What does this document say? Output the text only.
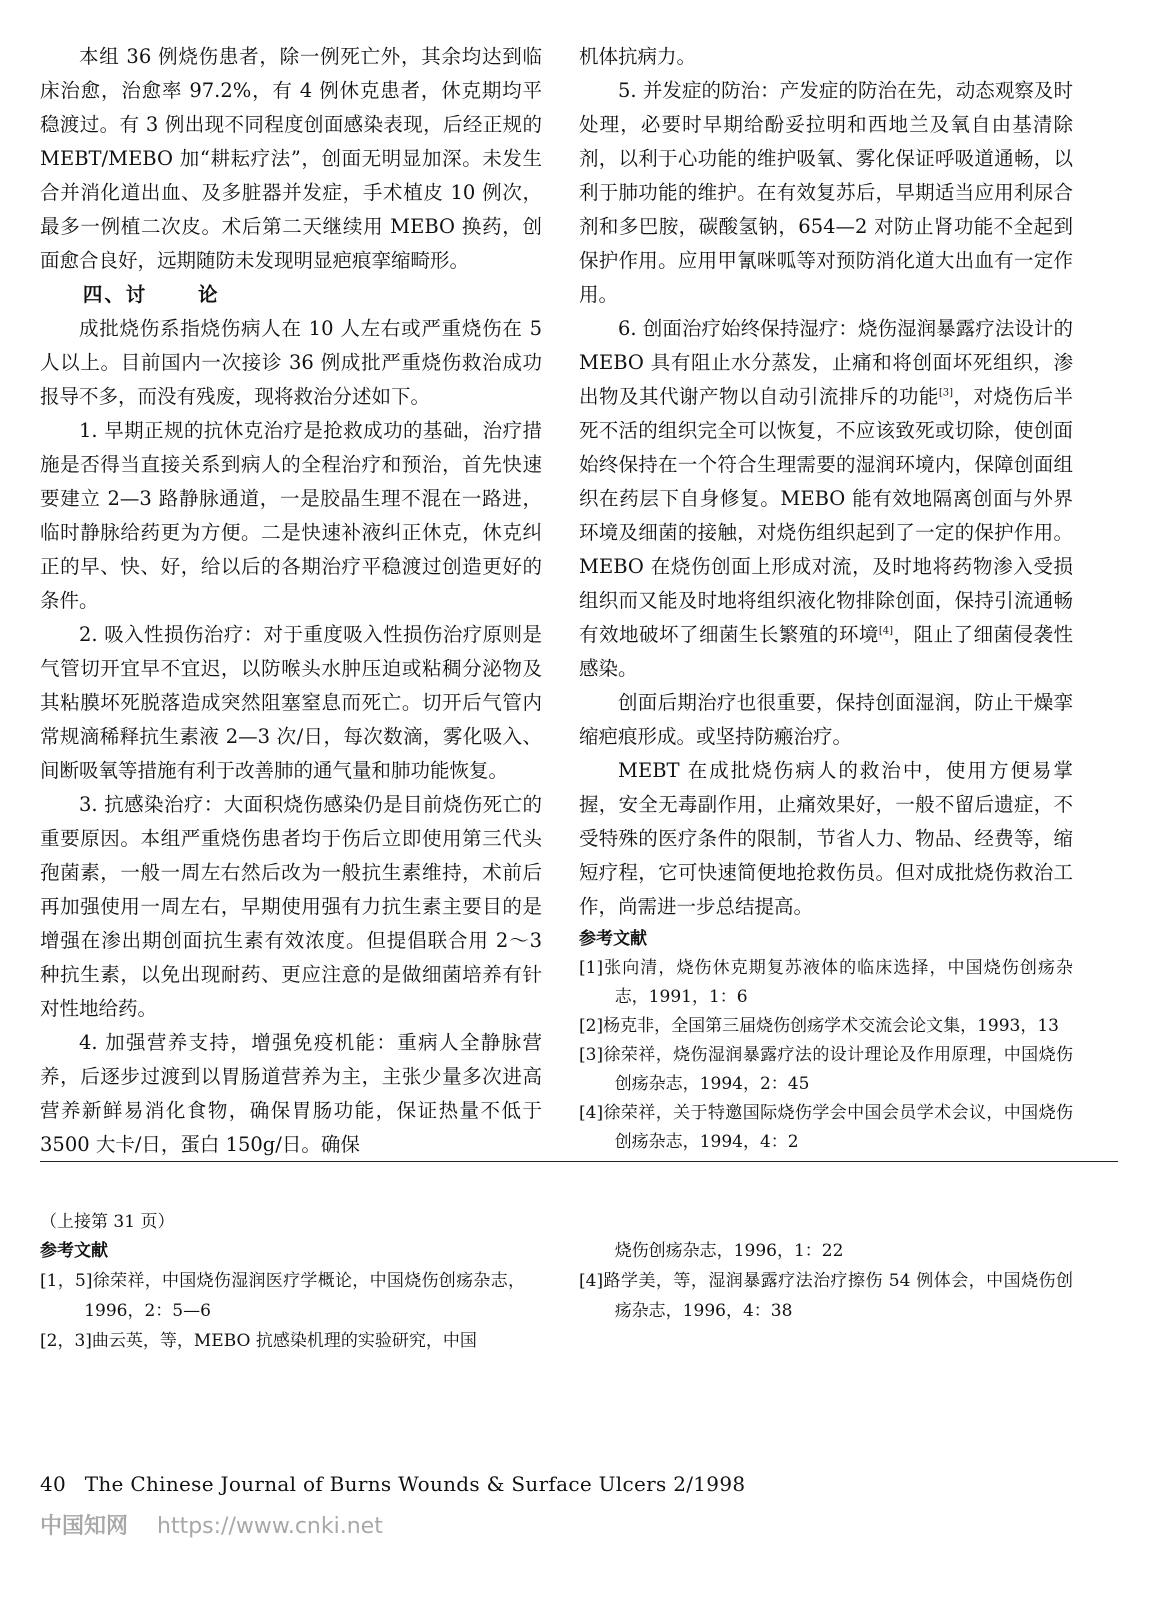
本组 36 例烧伤患者，除一例死亡外，其余均达到临床治愈，治愈率 97.2%，有 4 例休克患者，休克期均平稳渡过。有 3 例出现不同程度创面感染表现，后经正规的 MEBT/MEBO 加“耕耘疗法”，创面无明显加深。未发生合并消化道出血、及多脏器并发症，手术植皮 10 例次，最多一例植二次皮。术后第二天继续用 MEBO 换药，创面愈合良好，远期随防未发现明显疤痕挛缩畸形。

四、讨	论

成批烧伤系指烧伤病人在 10 人左右或严重烧伤在 5 人以上。目前国内一次接诊 36 例成批严重烧伤救治成功报导不多，而没有残废，现将救治分述如下。

1. 早期正规的抗休克治疗是抢救成功的基础，治疗措施是否得当直接关系到病人的全程治疗和预治，首先快速要建立 2—3 路静脉通道，一是胶晶生理不混在一路进，临时静脉给药更为方便。二是快速补液纠正休克，休克纠正的早、快、好，给以后的各期治疗平稳渡过创造更好的条件。

2. 吸入性损伤治疗：对于重度吸入性损伤治疗原则是气管切开宜早不宜迟，以防喉头水肿压迫或粘稠分泌物及其粘膜坏死脱落造成突然阻塞窒息而死亡。切开后气管内常规滴稀释抗生素液 2—3 次/日，每次数滴，雾化吸入、间断吸氧等措施有利于改善肺的通气量和肺功能恢复。

3. 抗感染治疗：大面积烧伤感染仍是目前烧伤死亡的重要原因。本组严重烧伤患者均于伤后立即使用第三代头孢菌素，一般一周左右然后改为一般抗生素维持，术前后再加强使用一周左右，早期使用强有力抗生素主要目的是增强在渗出期创面抗生素有效浓度。但提倡联合用 2～3 种抗生素，以免出现耐药、更应注意的是做细菌培养有针对性地给药。

4. 加强营养支持，增强免疫机能：重病人全静脉营养，后逐步过渡到以胃肠道营养为主，主张少量多次进高营养新鲜易消化食物，确保胃肠功能，保证热量不低于 3500 大卡/日，蛋白 150g/日。确保

机体抗病力。

5. 并发症的防治：产发症的防治在先，动态观察及时处理，必要时早期给酚妥拉明和西地兰及氧自由基清除剂，以利于心功能的维护吸氧、雾化保证呼吸道通畅，以利于肺功能的维护。在有效复苏后，早期适当应用利尿合剂和多巴胺，碳酸氢钠，654—2 对防止肾功能不全起到保护作用。应用甲氰咪呱等对预防消化道大出血有一定作用。

6. 创面治疗始终保持湿疗：烧伤湿润暴露疗法设计的 MEBO 具有阻止水分蒸发，止痛和将创面坏死组织，渗出物及其代谢产物以自动引流排斥的功能[3]，对烧伤后半死不活的组织完全可以恢复，不应该致死或切除，使创面始终保持在一个符合生理需要的湿润环境内，保障创面组织在药层下自身修复。MEBO 能有效地隔离创面与外界环境及细菌的接触，对烧伤组织起到了一定的保护作用。MEBO 在烧伤创面上形成对流，及时地将药物渗入受损组织而又能及时地将组织液化物排除创面，保持引流通畅有效地破坏了细菌生长繁殖的环境[4]，阻止了细菌侵袭性感染。

创面后期治疗也很重要，保持创面湿润，防止干燥挛缩疤痕形成。或坚持防瘢治疗。

MEBT 在成批烧伤病人的救治中，使用方便易掌握，安全无毒副作用，止痛效果好，一般不留后遗症，不受特殊的医疗条件的限制，节省人力、物品、经费等，缩短疗程，它可快速简便地抢救伤员。但对成批烧伤救治工作，尚需进一步总结提高。

参考文献

[1]张向清，烧伤休克期复苏液体的临床选择，中国烧伤创疡杂志，1991，1：6

[2]杨克非，全国第三届烧伤创疡学术交流会论文集，1993，13

[3]徐荣祥，烧伤湿润暴露疗法的设计理论及作用原理，中国烧伤创疡杂志，1994，2：45

[4]徐荣祥，关于特邀国际烧伤学会中国会员学术会议，中国烧伤创疡杂志，1994，4：2

（上接第 31 页）

参考文献

[1，5]徐荣祥，中国烧伤湿润医疗学概论，中国烧伤创疡杂志，1996，2：5—6

[2，3]曲云英，等，MEBO 抗感染机理的实验研究，中国

烧伤创疡杂志，1996，1：22

[4]路学美，等，湿润暴露疗法治疗擦伤 54 例体会，中国烧伤创疡杂志，1996，4：38

40 The Chinese Journal of Burns Wounds & Surface Ulcers 2/1998
中国知网 https://www.cnki.net
